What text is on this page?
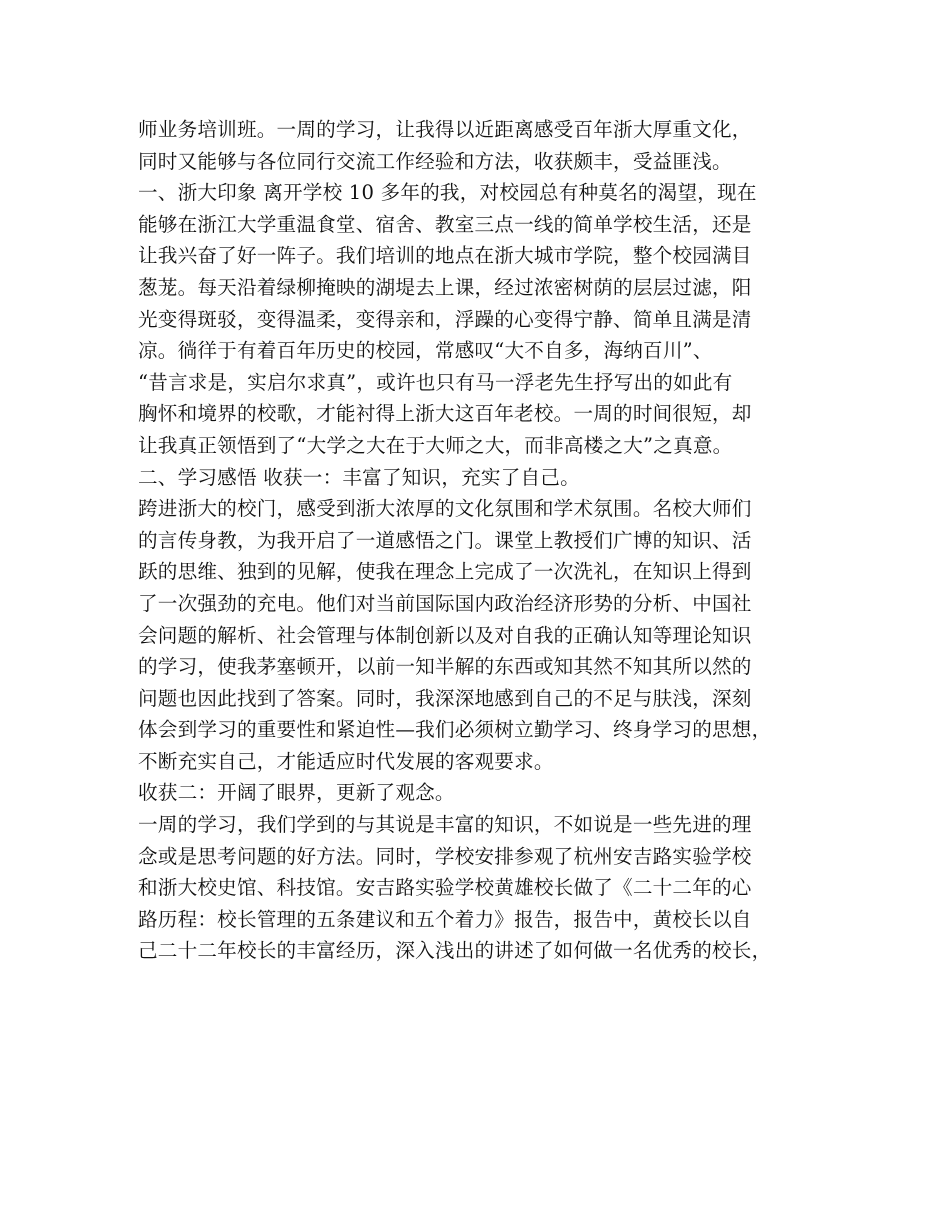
师业务培训班。一周的学习，让我得以近距离感受百年浙大厚重文化，
同时又能够与各位同行交流工作经验和方法，收获颇丰，受益匪浅。
一、浙大印象 离开学校 10 多年的我，对校园总有种莫名的渴望，现在
能够在浙江大学重温食堂、宿舍、教室三点一线的简单学校生活，还是
让我兴奋了好一阵子。我们培训的地点在浙大城市学院，整个校园满目
葱茏。每天沿着绿柳掩映的湖堤去上课，经过浓密树荫的层层过滤，阳
光变得斑驳，变得温柔，变得亲和，浮躁的心变得宁静、简单且满是清
凉。徜徉于有着百年历史的校园，常感叹“大不自多，海纳百川”、
“昔言求是，实启尔求真”，或许也只有马一浮老先生抒写出的如此有
胸怀和境界的校歌，才能衬得上浙大这百年老校。一周的时间很短，却
让我真正领悟到了“大学之大在于大师之大，而非高楼之大”之真意。
二、学习感悟 收获一：丰富了知识，充实了自己。
跨进浙大的校门，感受到浙大浓厚的文化氛围和学术氛围。名校大师们
的言传身教，为我开启了一道感悟之门。课堂上教授们广博的知识、活
跃的思维、独到的见解，使我在理念上完成了一次洗礼，在知识上得到
了一次强劲的充电。他们对当前国际国内政治经济形势的分析、中国社
会问题的解析、社会管理与体制创新以及对自我的正确认知等理论知识
的学习，使我茅塞顿开，以前一知半解的东西或知其然不知其所以然的
问题也因此找到了答案。同时，我深深地感到自己的不足与肤浅，深刻
体会到学习的重要性和紧迫性—我们必须树立勤学习、终身学习的思想，
不断充实自己，才能适应时代发展的客观要求。
收获二：开阔了眼界，更新了观念。
一周的学习，我们学到的与其说是丰富的知识，不如说是一些先进的理
念或是思考问题的好方法。同时，学校安排参观了杭州安吉路实验学校
和浙大校史馆、科技馆。安吉路实验学校黄雄校长做了《二十二年的心
路历程：校长管理的五条建议和五个着力》报告，报告中，黄校长以自
己二十二年校长的丰富经历，深入浅出的讲述了如何做一名优秀的校长，
